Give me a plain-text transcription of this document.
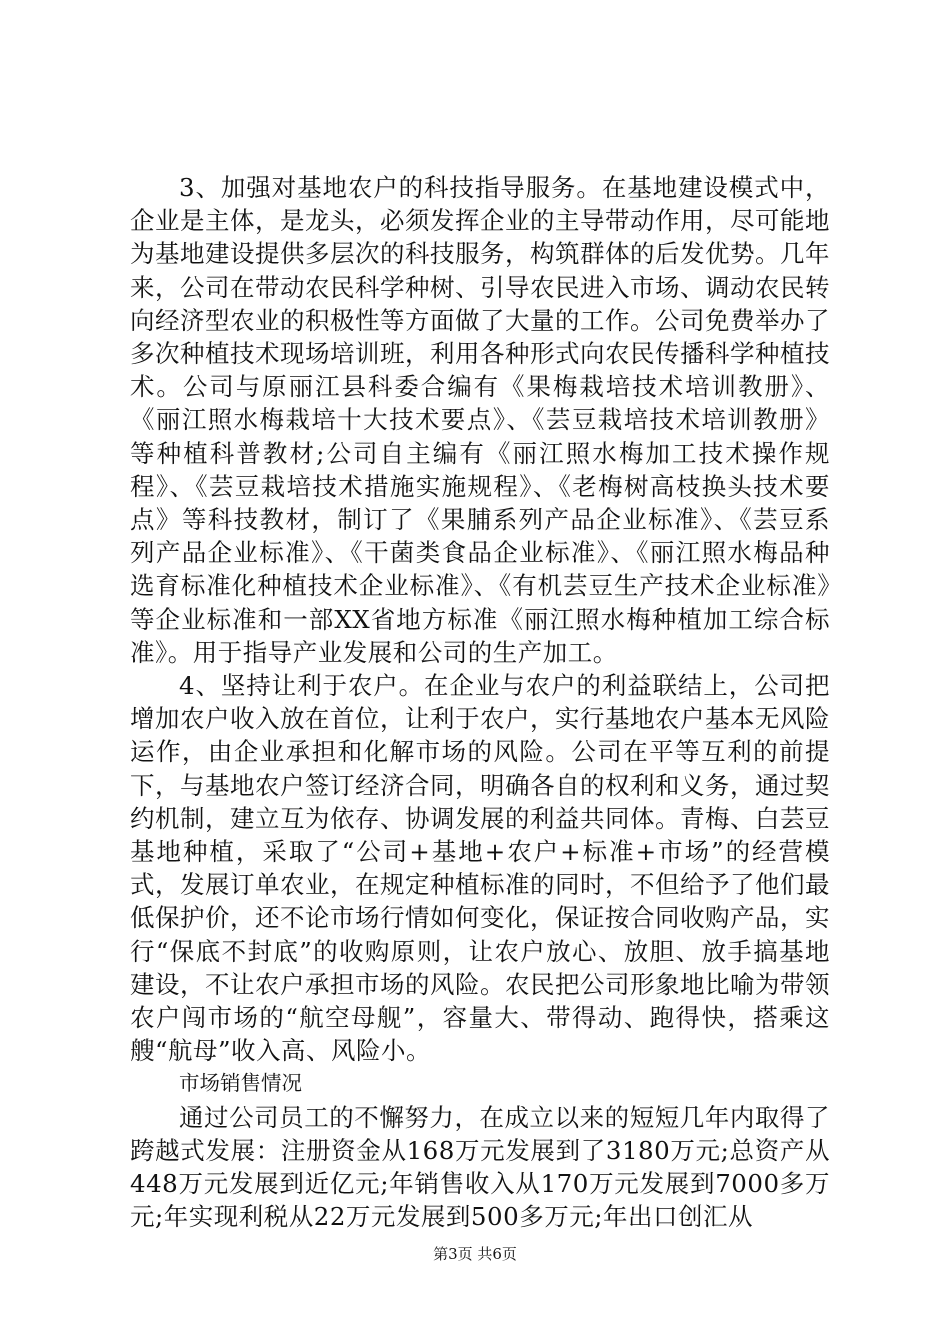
3、加强对基地农户的科技指导服务。在基地建设模式中，企业是主体，是龙头，必须发挥企业的主导带动作用，尽可能地为基地建设提供多层次的科技服务，构筑群体的后发优势。几年来，公司在带动农民科学种树、引导农民进入市场、调动农民转向经济型农业的积极性等方面做了大量的工作。公司免费举办了多次种植技术现场培训班，利用各种形式向农民传播科学种植技术。公司与原丽江县科委合编有《果梅栽培技术培训教册》、《丽江照水梅栽培十大技术要点》、《芸豆栽培技术培训教册》等种植科普教材;公司自主编有《丽江照水梅加工技术操作规程》、《芸豆栽培技术措施实施规程》、《老梅树高枝换头技术要点》等科技教材，制订了《果脯系列产品企业标准》、《芸豆系列产品企业标准》、《干菌类食品企业标准》、《丽江照水梅品种选育标准化种植技术企业标准》、《有机芸豆生产技术企业标准》等企业标准和一部XX省地方标准《丽江照水梅种植加工综合标准》。用于指导产业发展和公司的生产加工。

4、坚持让利于农户。在企业与农户的利益联结上，公司把增加农户收入放在首位，让利于农户，实行基地农户基本无风险运作，由企业承担和化解市场的风险。公司在平等互利的前提下，与基地农户签订经济合同，明确各自的权利和义务，通过契约机制，建立互为依存、协调发展的利益共同体。青梅、白芸豆基地种植，采取了“公司+基地+农户+标准+市场”的经营模式，发展订单农业，在规定种植标准的同时，不但给予了他们最低保护价，还不论市场行情如何变化，保证按合同收购产品，实行“保底不封底”的收购原则，让农户放心、放胆、放手搞基地建设，不让农户承担市场的风险。农民把公司形象地比喻为带领农户闯市场的“航空母舰”，容量大、带得动、跑得快，搭乘这艘“航母”收入高、风险小。

市场销售情况

通过公司员工的不懈努力，在成立以来的短短几年内取得了跨越式发展：注册资金从168万元发展到了3180万元;总资产从448万元发展到近亿元;年销售收入从170万元发展到7000多万元;年实现利税从22万元发展到500多万元;年出口创汇从

第3页 共6页
